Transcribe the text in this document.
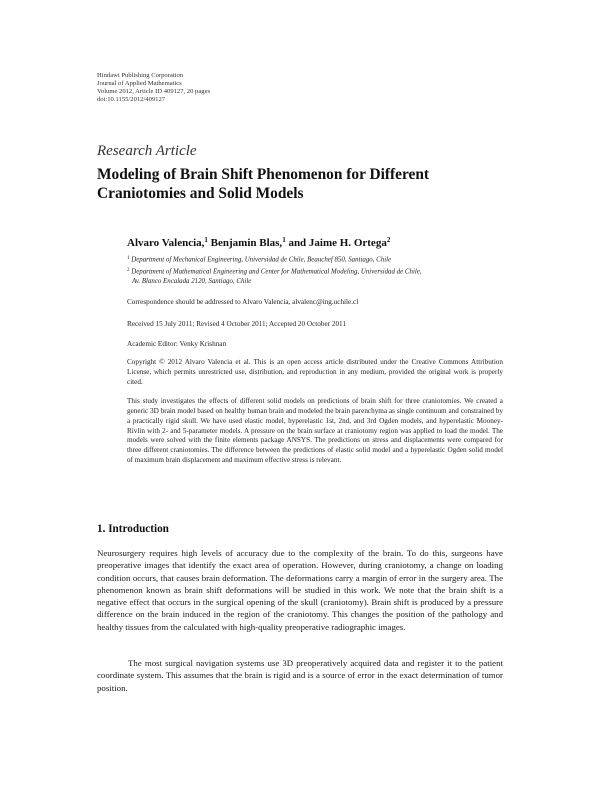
Hindawi Publishing Corporation
Journal of Applied Mathematics
Volume 2012, Article ID 409127, 20 pages
doi:10.1155/2012/409127
Research Article
Modeling of Brain Shift Phenomenon for Different
Craniotomies and Solid Models
Alvaro Valencia,$^1$ Benjamin Blas,$^1$ and Jaime H. Ortega$^2$
$^1$ Department of Mechanical Engineering, Universidad de Chile, Beauchef 850, Santiago, Chile
$^2$ Department of Mathematical Engineering and Center for Mathematical Modeling, Universidad de Chile,
Av. Blanco Encalada 2120, Santiago, Chile
Correspondence should be addressed to Alvaro Valencia, alvalenc@ing.uchile.cl
Received 15 July 2011; Revised 4 October 2011; Accepted 20 October 2011
Academic Editor: Venky Krishnan
Copyright © 2012 Alvaro Valencia et al. This is an open access article distributed under the Creative Commons Attribution License, which permits unrestricted use, distribution, and reproduction in any medium, provided the original work is properly cited.
This study investigates the effects of different solid models on predictions of brain shift for three craniotomies. We created a generic 3D brain model based on healthy human brain and modeled the brain parenchyma as single continuum and constrained by a practically rigid skull. We have used elastic model, hyperelastic 1st, 2nd, and 3rd Ogden models, and hyperelastic Mooney-Rivlin with 2- and 5-parameter models. A pressure on the brain surface at craniotomy region was applied to load the model. The models were solved with the finite elements package ANSYS. The predictions on stress and displacements were compared for three different craniotomies. The difference between the predictions of elastic solid model and a hyperelastic Ogden solid model of maximum brain displacement and maximum effective stress is relevant.
1. Introduction
Neurosurgery requires high levels of accuracy due to the complexity of the brain. To do this, surgeons have preoperative images that identify the exact area of operation. However, during craniotomy, a change on loading condition occurs, that causes brain deformation. The deformations carry a margin of error in the surgery area. The phenomenon known as brain shift deformations will be studied in this work. We note that the brain shift is a negative effect that occurs in the surgical opening of the skull (craniotomy). Brain shift is produced by a pressure difference on the brain induced in the region of the craniotomy. This changes the position of the pathology and healthy tissues from the calculated with high-quality preoperative radiographic images.
The most surgical navigation systems use 3D preoperatively acquired data and register it to the patient coordinate system. This assumes that the brain is rigid and is a source of error in the exact determination of tumor position.
